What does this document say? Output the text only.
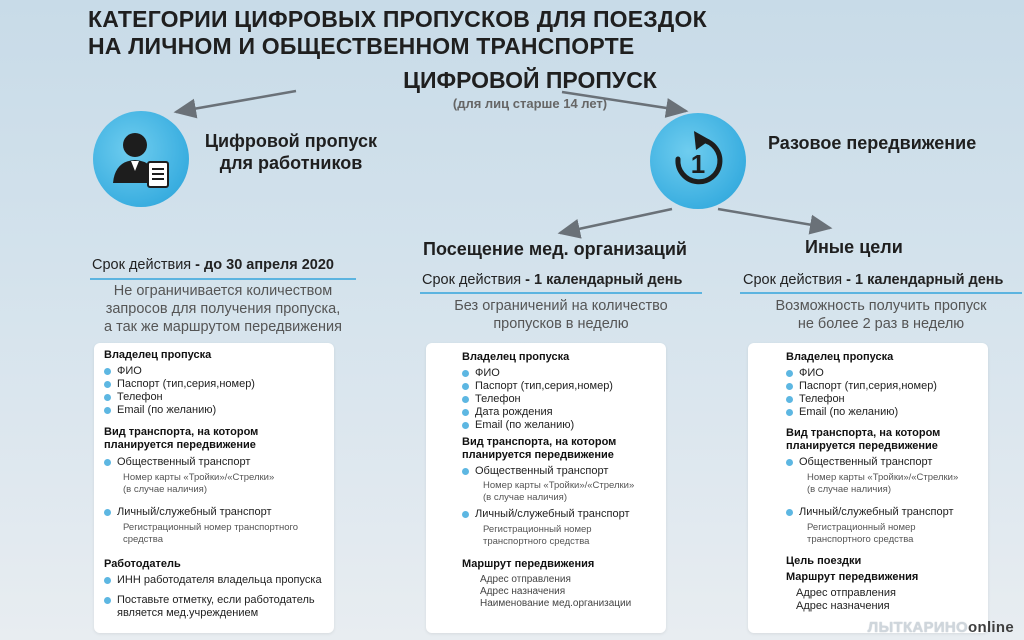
КАТЕГОРИИ ЦИФРОВЫХ ПРОПУСКОВ ДЛЯ ПОЕЗДОК
НА ЛИЧНОМ И ОБЩЕСТВЕННОМ ТРАНСПОРТЕ
ЦИФРОВОЙ ПРОПУСК
(для лиц старше 14 лет)
Цифровой пропуск
для работников	1
Разовое передвижение
Посещение мед. организаций	Иные цели
Срок действия - до 30 апреля 2020
Не ограничивается количеством
запросов для получения пропуска,
а так же маршрутом передвижения
Срок действия - 1 календарный день
Без ограничений на количество
пропусков в неделю
Срок действия - 1 календарный день
Возможность получить пропуск
не более 2 раз в неделю
Владелец пропуска
ФИО
Паспорт (тип,серия,номер)
Телефон
Email (по желанию)
Вид транспорта, на котором
планируется передвижение
Общественный транспорт
Номер карты «Тройки»/«Стрелки»
(в случае наличия)
Личный/служебный транспорт
Регистрационный номер транспортного
средства
Работодатель
ИНН работодателя владельца пропуска
Поставьте отметку, если работодатель
является мед.учреждением
Владелец пропуска
ФИО
Паспорт (тип,серия,номер)
Телефон
Дата рождения
Email (по желанию)
Вид транспорта, на котором
планируется передвижение
Общественный транспорт
Номер карты «Тройки»/«Стрелки»
(в случае наличия)
Личный/служебный транспорт
Регистрационный номер
транспортного средства
Маршрут передвижения
Адрес отправления
Адрес назначения
Наименование мед.организации
Владелец пропуска
ФИО
Паспорт (тип,серия,номер)
Телефон
Email (по желанию)
Вид транспорта, на котором
планируется передвижение
Общественный транспорт
Номер карты «Тройки»/«Стрелки»
(в случае наличия)
Личный/служебный транспорт
Регистрационный номер
транспортного средства
Цель поездки
Маршрут передвижения
Адрес отправления
Адрес назначения
ЛЫТКАРИНОonline
